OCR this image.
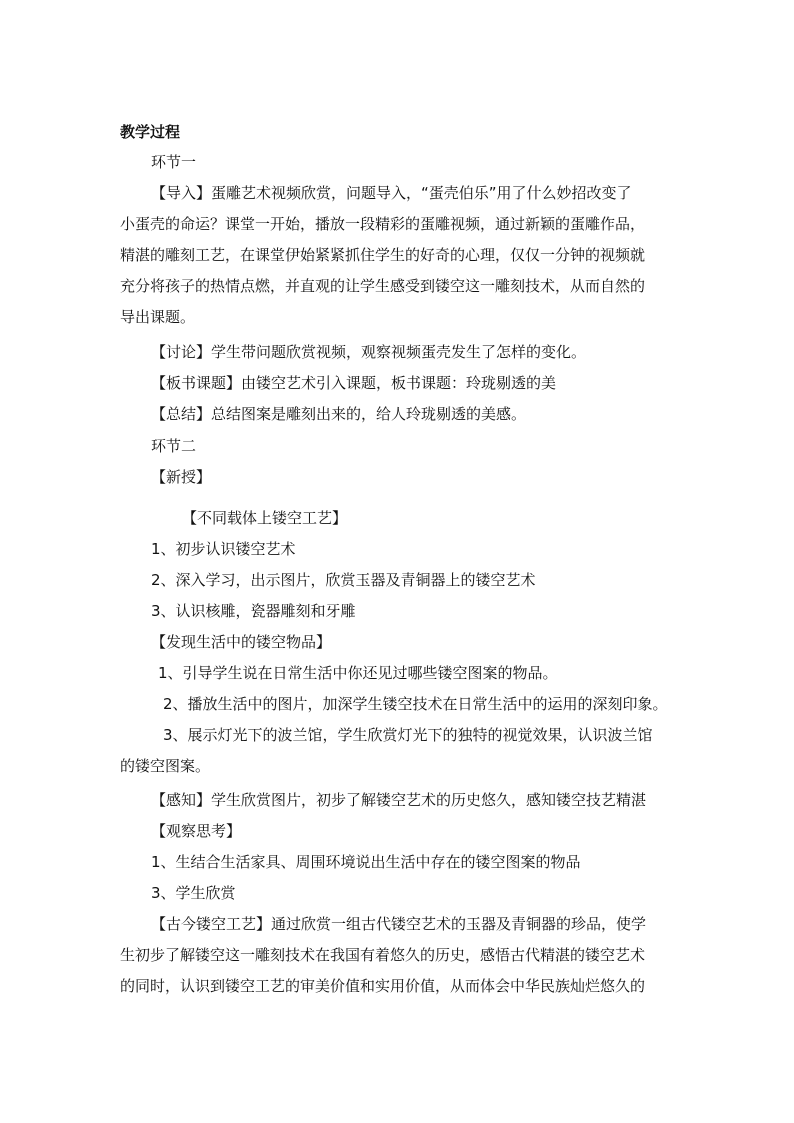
教学过程
环节一
【导入】蛋雕艺术视频欣赏，问题导入，“蛋壳伯乐”用了什么妙招改变了
小蛋壳的命运？课堂一开始，播放一段精彩的蛋雕视频，通过新颖的蛋雕作品，
精湛的雕刻工艺，在课堂伊始紧紧抓住学生的好奇的心理，仅仅一分钟的视频就
充分将孩子的热情点燃，并直观的让学生感受到镂空这一雕刻技术，从而自然的
导出课题。
【讨论】学生带问题欣赏视频，观察视频蛋壳发生了怎样的变化。
【板书课题】由镂空艺术引入课题，板书课题：玲珑剔透的美
【总结】总结图案是雕刻出来的，给人玲珑剔透的美感。
环节二
【新授】
【不同载体上镂空工艺】
1、初步认识镂空艺术
2、深入学习，出示图片，欣赏玉器及青铜器上的镂空艺术
3、认识核雕，瓷器雕刻和牙雕
【发现生活中的镂空物品】
1、引导学生说在日常生活中你还见过哪些镂空图案的物品。
2、播放生活中的图片，加深学生镂空技术在日常生活中的运用的深刻印象。
3、展示灯光下的波兰馆，学生欣赏灯光下的独特的视觉效果，认识波兰馆
的镂空图案。
【感知】学生欣赏图片，初步了解镂空艺术的历史悠久，感知镂空技艺精湛
【观察思考】
1、生结合生活家具、周围环境说出生活中存在的镂空图案的物品
3、学生欣赏
【古今镂空工艺】通过欣赏一组古代镂空艺术的玉器及青铜器的珍品，使学
生初步了解镂空这一雕刻技术在我国有着悠久的历史，感悟古代精湛的镂空艺术
的同时，认识到镂空工艺的审美价值和实用价值，从而体会中华民族灿烂悠久的
